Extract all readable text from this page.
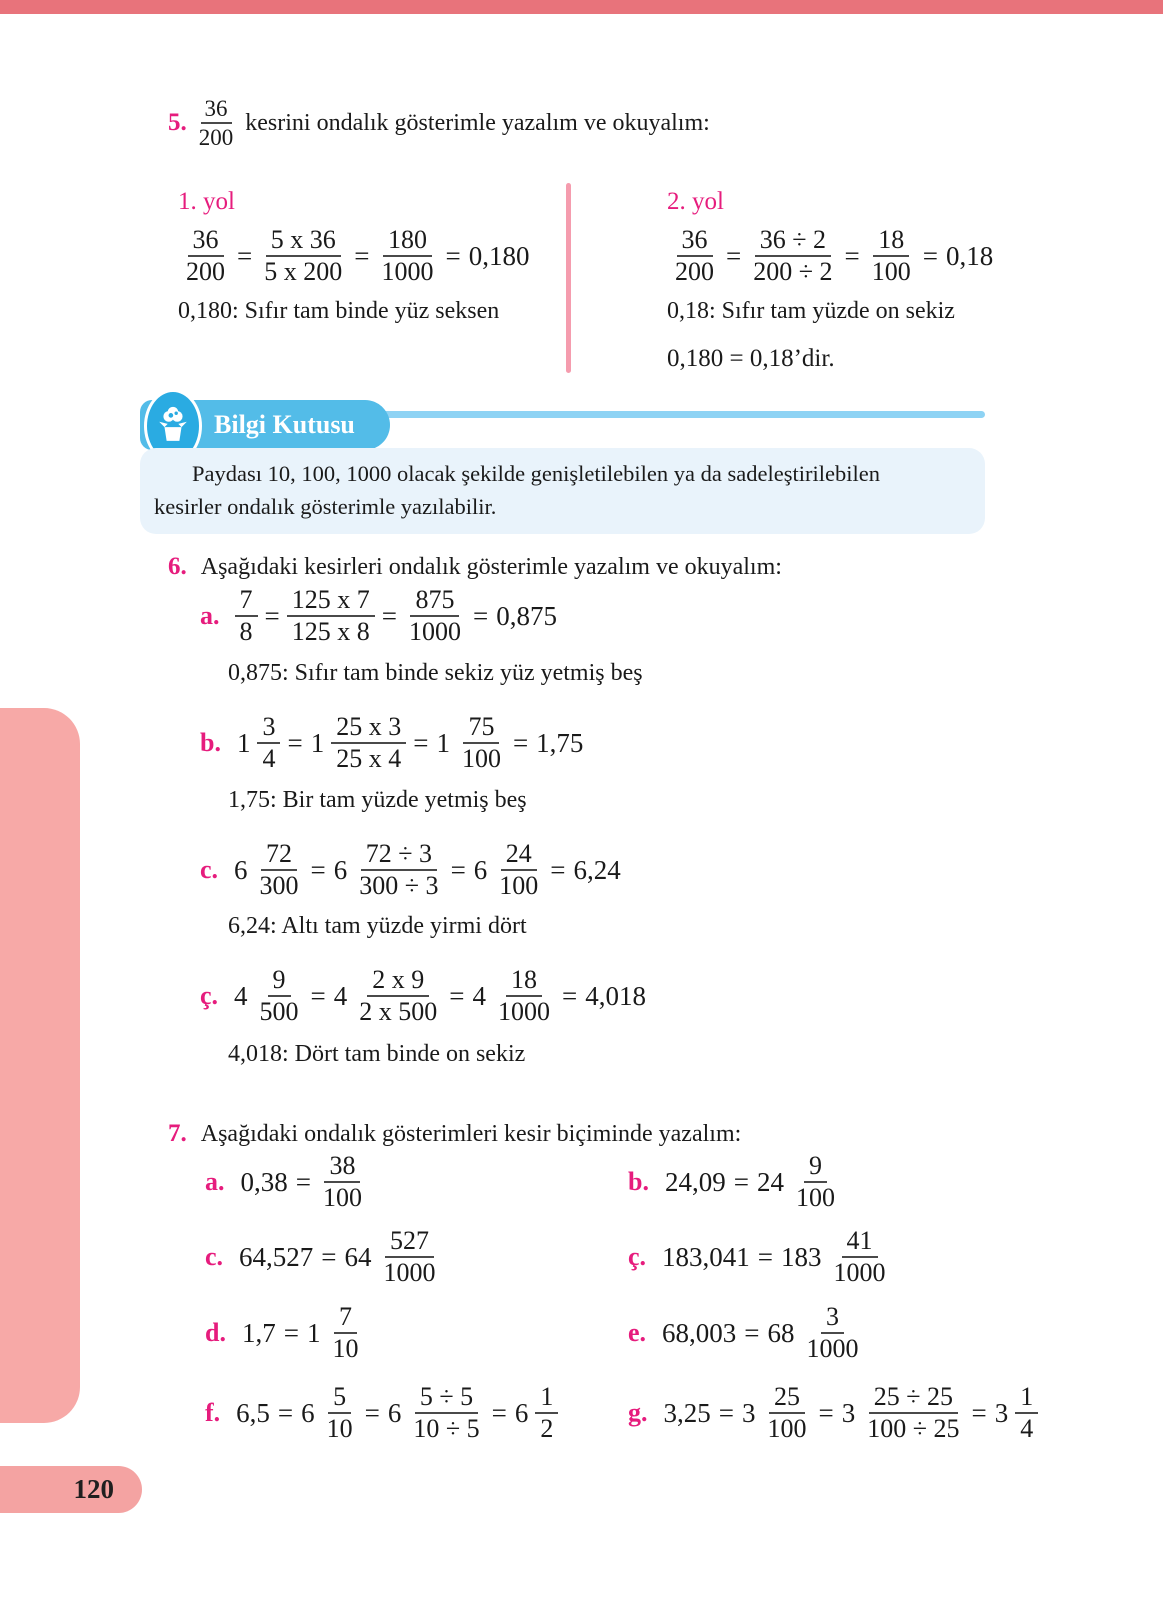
120
5. $\frac{36}{200}$ kesrini ondalık gösterimle yazalım ve okuyalım:
1. yol
$\frac{36}{200} = \frac{5 x 36}{5 x 200} = \frac{180}{1000} = 0,180$
0,180: Sıfır tam binde yüz seksen
2. yol
$\frac{36}{200} = \frac{36 \div 2}{200 \div 2} = \frac{18}{100} = 0,18$
0,18: Sıfır tam yüzde on sekiz
0,180 = 0,18’dir.
Bilgi Kutusu
Paydası 10, 100, 1000 olacak şekilde genişletilebilen ya da sadeleştirilebilen
kesirler ondalık gösterimle yazılabilir.
6. Aşağıdaki kesirleri ondalık gösterimle yazalım ve okuyalım:
a. $\frac{7}{8} = \frac{125 x 7}{125 x 8} = \frac{875}{1000} = 0,875$
0,875: Sıfır tam binde sekiz yüz yetmiş beş
b. $1 \frac{3}{4} = 1 \frac{25 x 3}{25 x 4} = 1 \frac{75}{100} = 1,75$
1,75: Bir tam yüzde yetmiş beş
c. $6 \frac{72}{300} = 6 \frac{72 \div 3}{300 \div 3} = 6 \frac{24}{100} = 6,24$
6,24: Altı tam yüzde yirmi dört
ç. $4 \frac{9}{500} = 4 \frac{2 x 9}{2 x 500} = 4 \frac{18}{1000} = 4,018$
4,018: Dört tam binde on sekiz
7. Aşağıdaki ondalık gösterimleri kesir biçiminde yazalım:
a. $0,38 = \frac{38}{100}$	b. $24,09 = 24 \frac{9}{100}$
c. $64,527 = 64 \frac{527}{1000}$	ç. $183,041 = 183 \frac{41}{1000}$
d. $1,7 = 1 \frac{7}{10}$	e. $68,003 = 68 \frac{3}{1000}$
f. $6,5 = 6 \frac{5}{10} = 6 \frac{5 \div 5}{10 \div 5} = 6 \frac{1}{2}$	g. $3,25 = 3 \frac{25}{100} = 3 \frac{25 \div 25}{100 \div 25} = 3 \frac{1}{4}$
